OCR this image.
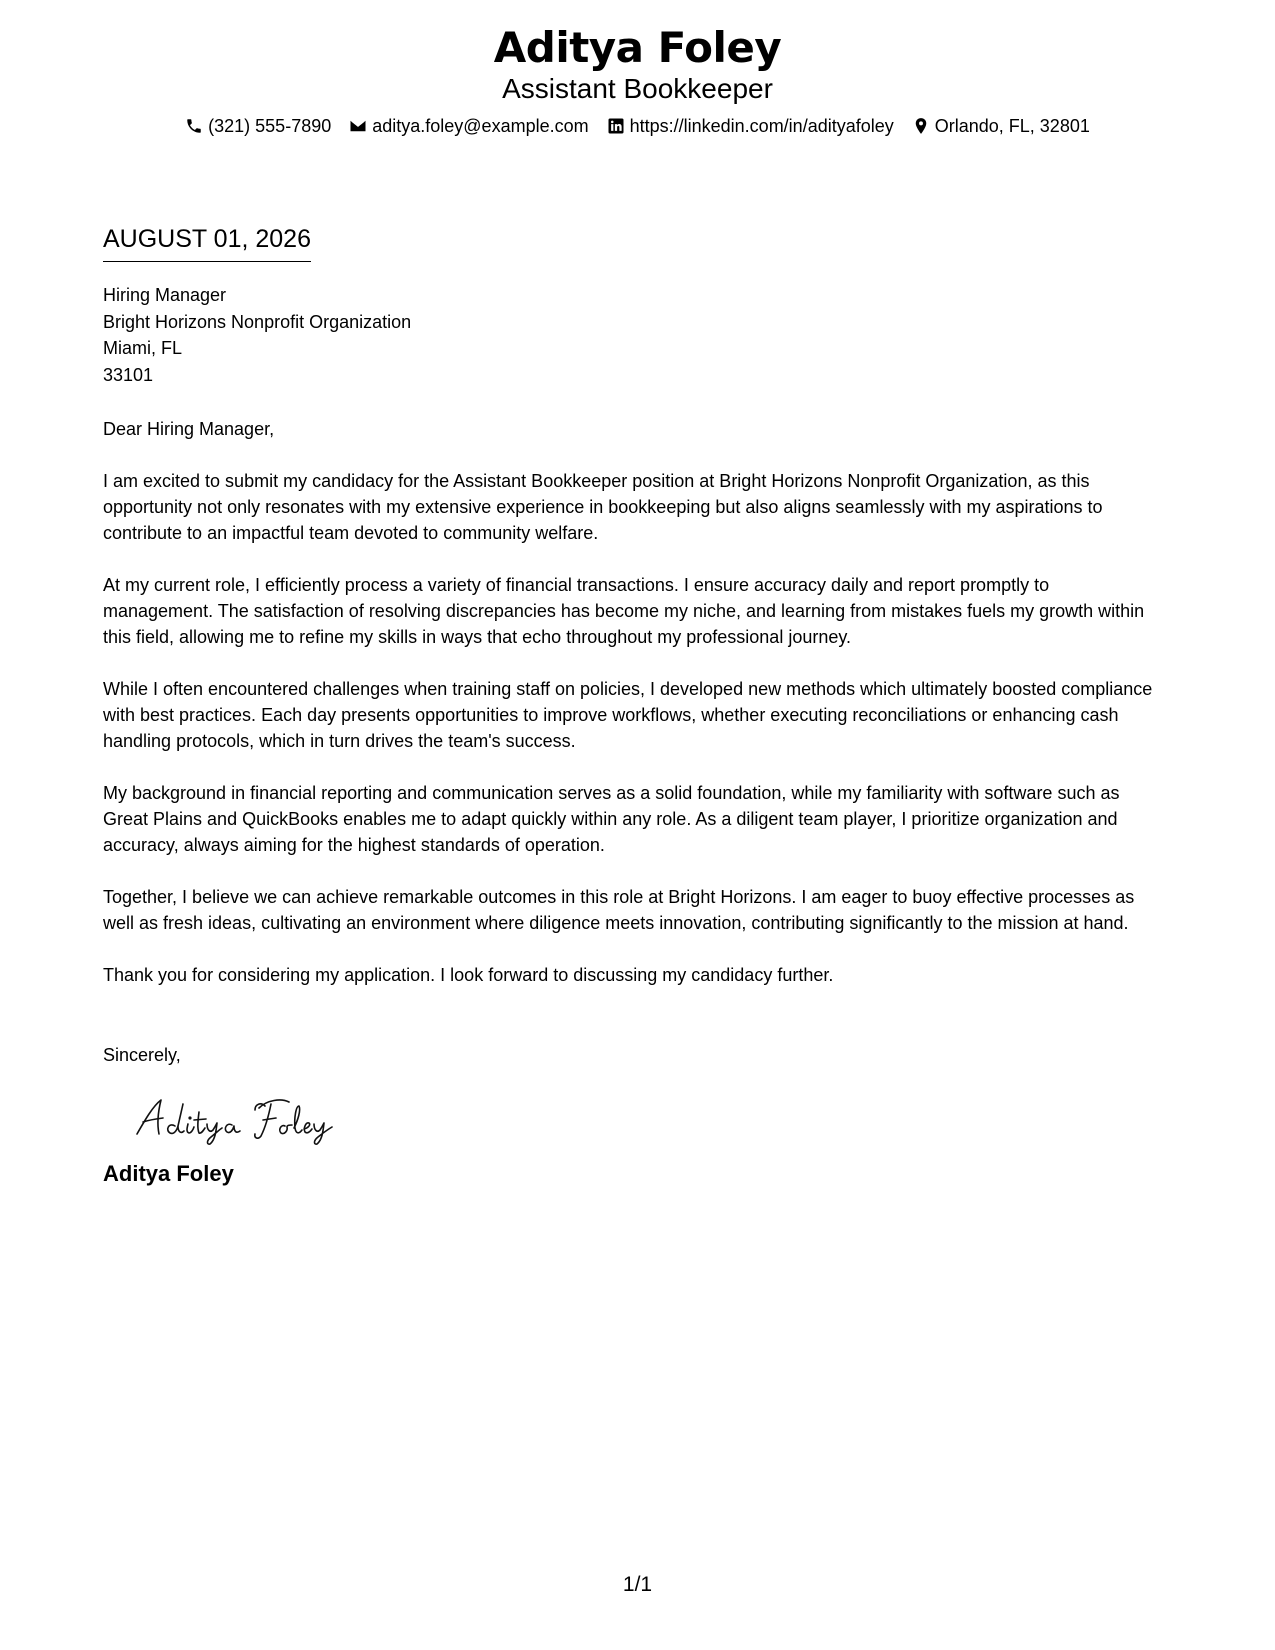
Aditya Foley
Assistant Bookkeeper
(321) 555-7890 aditya.foley@example.com https://linkedin.com/in/adityafoley Orlando, FL, 32801
AUGUST 01, 2026
Hiring Manager
Bright Horizons Nonprofit Organization
Miami, FL
33101
Dear Hiring Manager,
I am excited to submit my candidacy for the Assistant Bookkeeper position at Bright Horizons Nonprofit Organization, as this opportunity not only resonates with my extensive experience in bookkeeping but also aligns seamlessly with my aspirations to contribute to an impactful team devoted to community welfare.
At my current role, I efficiently process a variety of financial transactions. I ensure accuracy daily and report promptly to management. The satisfaction of resolving discrepancies has become my niche, and learning from mistakes fuels my growth within this field, allowing me to refine my skills in ways that echo throughout my professional journey.
While I often encountered challenges when training staff on policies, I developed new methods which ultimately boosted compliance with best practices. Each day presents opportunities to improve workflows, whether executing reconciliations or enhancing cash handling protocols, which in turn drives the team's success.
My background in financial reporting and communication serves as a solid foundation, while my familiarity with software such as Great Plains and QuickBooks enables me to adapt quickly within any role. As a diligent team player, I prioritize organization and accuracy, always aiming for the highest standards of operation.
Together, I believe we can achieve remarkable outcomes in this role at Bright Horizons. I am eager to buoy effective processes as well as fresh ideas, cultivating an environment where diligence meets innovation, contributing significantly to the mission at hand.
Thank you for considering my application. I look forward to discussing my candidacy further.
Sincerely,
Aditya Foley
1/1
